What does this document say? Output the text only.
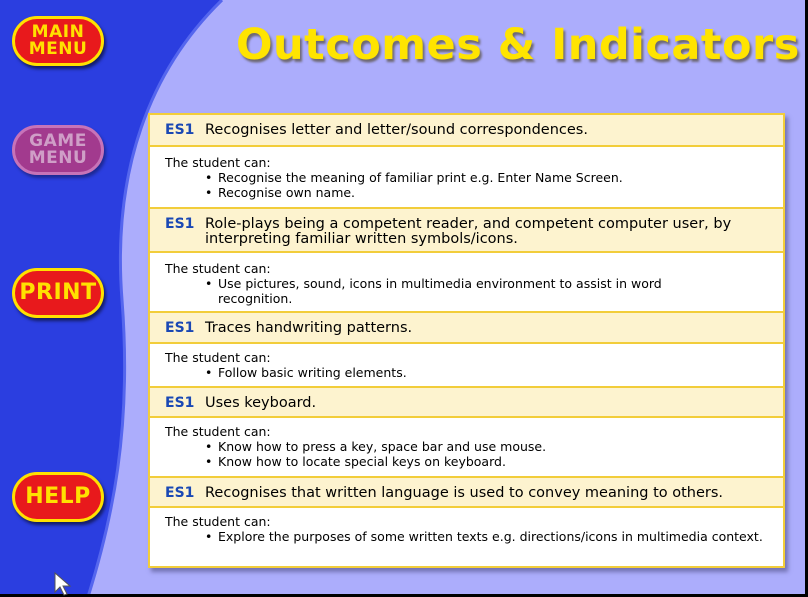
MAIN
MENU
GAME
MENU
PRINT
HELP
Outcomes & Indicators
ES1 Recognises letter and letter/sound correspondences.
The student can:
• Recognise the meaning of familiar print e.g. Enter Name Screen.
• Recognise own name.
ES1 Role-plays being a competent reader, and competent computer user, by interpreting familiar written symbols/icons.
The student can:
• Use pictures, sound, icons in multimedia environment to assist in word recognition.
ES1 Traces handwriting patterns.
The student can:
• Follow basic writing elements.
ES1 Uses keyboard.
The student can:
• Know how to press a key, space bar and use mouse.
• Know how to locate special keys on keyboard.
ES1 Recognises that written language is used to convey meaning to others.
The student can:
• Explore the purposes of some written texts e.g. directions/icons in multimedia context.
